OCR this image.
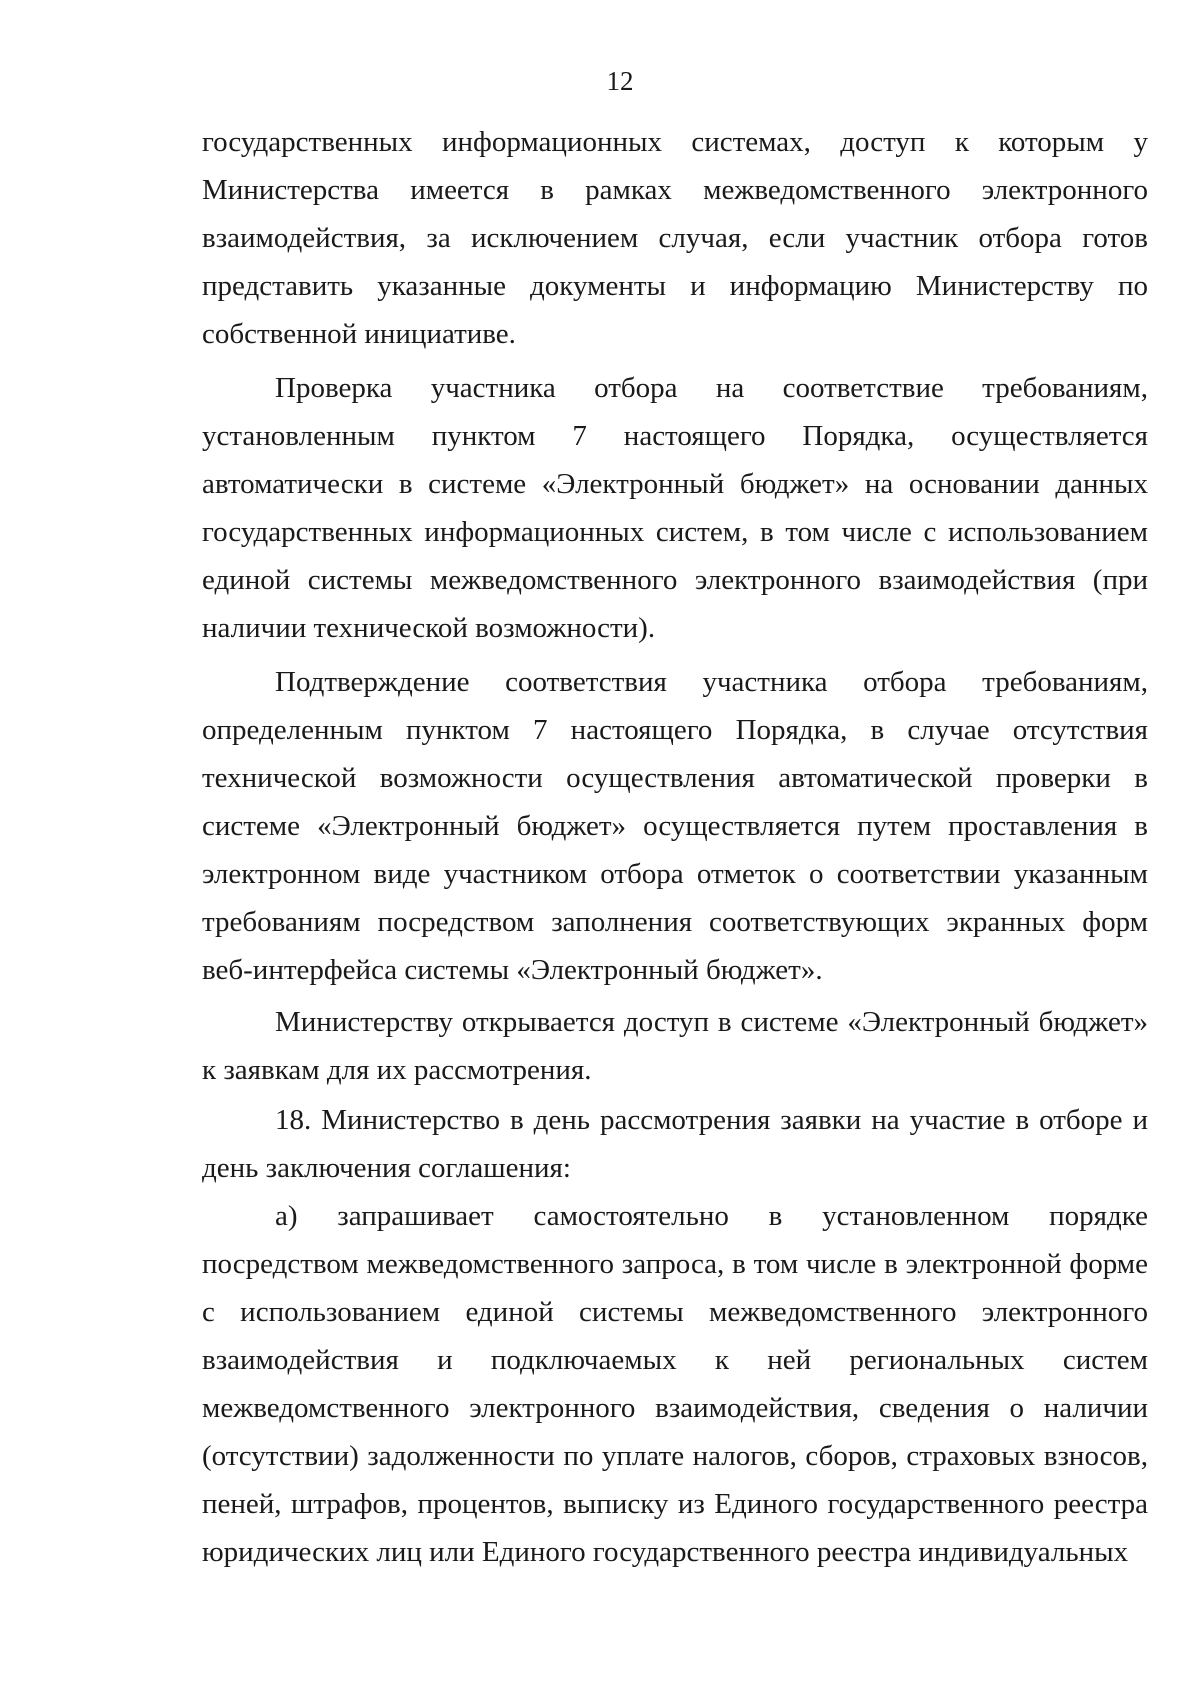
12

государственных информационных системах, доступ к которым у Министерства имеется в рамках межведомственного электронного взаимодействия, за исключением случая, если участник отбора готов представить указанные документы и информацию Министерству по собственной инициативе.

Проверка участника отбора на соответствие требованиям, установленным пунктом 7 настоящего Порядка, осуществляется автоматически в системе «Электронный бюджет» на основании данных государственных информационных систем, в том числе с использованием единой системы межведомственного электронного взаимодействия (при наличии технической возможности).

Подтверждение соответствия участника отбора требованиям, определенным пунктом 7 настоящего Порядка, в случае отсутствия технической возможности осуществления автоматической проверки в системе «Электронный бюджет» осуществляется путем проставления в электронном виде участником отбора отметок о соответствии указанным требованиям посредством заполнения соответствующих экранных форм веб-интерфейса системы «Электронный бюджет».

Министерству открывается доступ в системе «Электронный бюджет» к заявкам для их рассмотрения.

18. Министерство в день рассмотрения заявки на участие в отборе и день заключения соглашения:

а) запрашивает самостоятельно в установленном порядке посредством межведомственного запроса, в том числе в электронной форме с использованием единой системы межведомственного электронного взаимодействия и подключаемых к ней региональных систем межведомственного электронного взаимодействия, сведения о наличии (отсутствии) задолженности по уплате налогов, сборов, страховых взносов, пеней, штрафов, процентов, выписку из Единого государственного реестра юридических лиц или Единого государственного реестра индивидуальных
